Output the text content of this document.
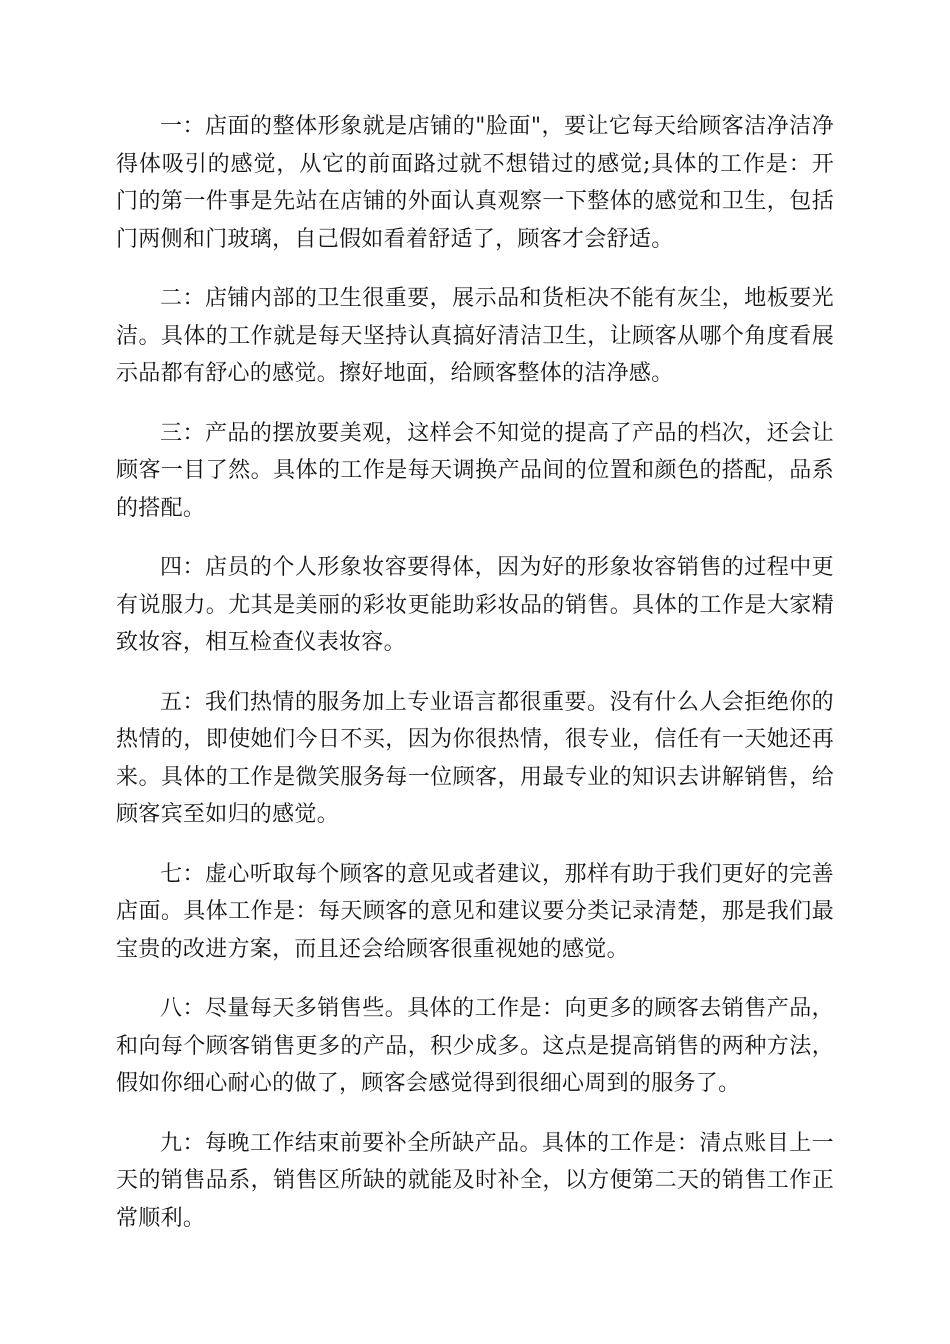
一：店面的整体形象就是店铺的"脸面"，要让它每天给顾客洁净洁净得体吸引的感觉，从它的前面路过就不想错过的感觉;具体的工作是：开门的第一件事是先站在店铺的外面认真观察一下整体的感觉和卫生，包括门两侧和门玻璃，自己假如看着舒适了，顾客才会舒适。

二：店铺内部的卫生很重要，展示品和货柜决不能有灰尘，地板要光洁。具体的工作就是每天坚持认真搞好清洁卫生，让顾客从哪个角度看展示品都有舒心的感觉。擦好地面，给顾客整体的洁净感。

三：产品的摆放要美观，这样会不知觉的提高了产品的档次，还会让顾客一目了然。具体的工作是每天调换产品间的位置和颜色的搭配，品系的搭配。

四：店员的个人形象妆容要得体，因为好的形象妆容销售的过程中更有说服力。尤其是美丽的彩妆更能助彩妆品的销售。具体的工作是大家精致妆容，相互检查仪表妆容。

五：我们热情的服务加上专业语言都很重要。没有什么人会拒绝你的热情的，即使她们今日不买，因为你很热情，很专业，信任有一天她还再来。具体的工作是微笑服务每一位顾客，用最专业的知识去讲解销售，给顾客宾至如归的感觉。

七：虚心听取每个顾客的意见或者建议，那样有助于我们更好的完善店面。具体工作是：每天顾客的意见和建议要分类记录清楚，那是我们最宝贵的改进方案，而且还会给顾客很重视她的感觉。

八：尽量每天多销售些。具体的工作是：向更多的顾客去销售产品，和向每个顾客销售更多的产品，积少成多。这点是提高销售的两种方法，假如你细心耐心的做了，顾客会感觉得到很细心周到的服务了。

九：每晚工作结束前要补全所缺产品。具体的工作是：清点账目上一天的销售品系，销售区所缺的就能及时补全，以方便第二天的销售工作正常顺利。
